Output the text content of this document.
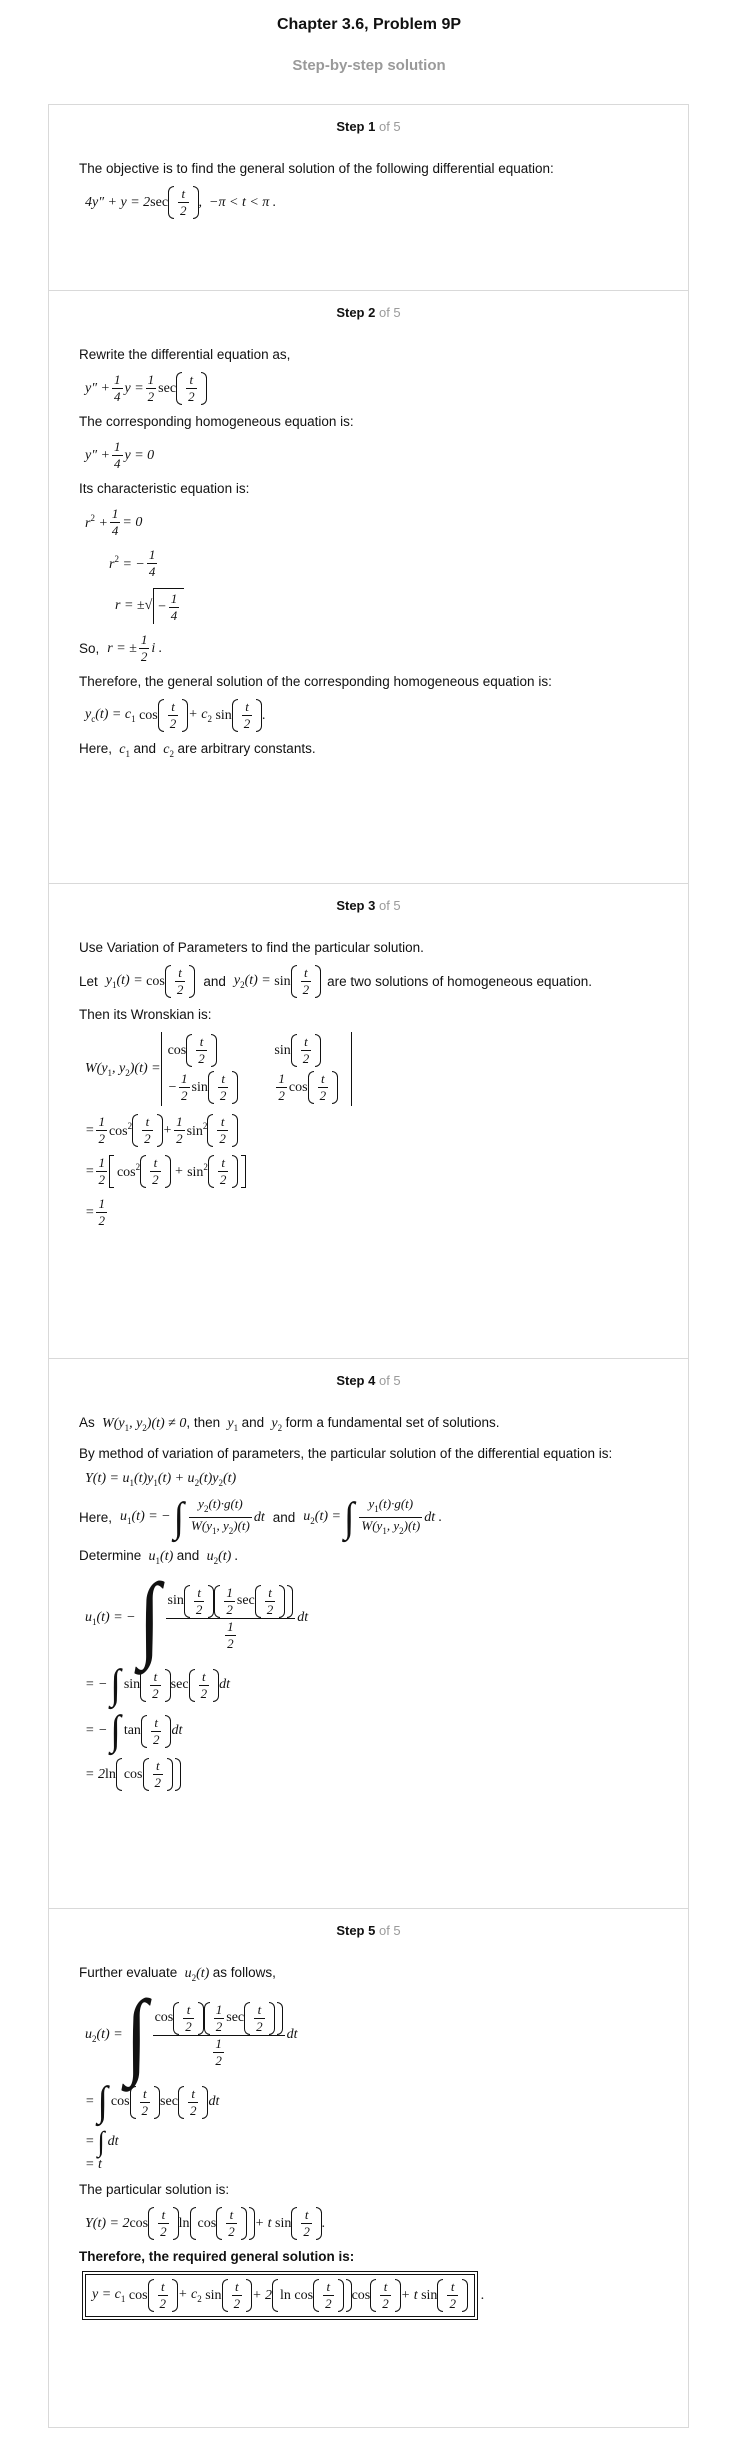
Chapter 3.6, Problem 9P
Step-by-step solution
Step 1 of 5

The objective is to find the general solution of the following differential equation:

4y″ + y = 2 $\sec \frac{t}{2}$ ,  −π < t < π .
Step 2 of 5

Rewrite the differential equation as,

$y'' + \frac{1}{4}$ $y = \frac{1}{2}$ $\sec \frac{t}{2}$

The corresponding homogeneous equation is:

$y'' + \frac{1}{4}$ y = 0

Its characteristic equation is:

$r^2 + \frac{1}{4} = 0$
$r^2$ = − $\frac{1}{4}$
r = ± √ − $\frac{1}{4}$
So, r = ± $\frac{1}{2}$ i .

Therefore, the general solution of the corresponding homogeneous equation is:

$y_c(t) = c_1$ $\cos \frac{t}{2} + c_2$ $\sin \frac{t}{2}$ .

Here,  $c_1$ and  $c_2$ are arbitrary constants.

Step 3 of 5

Use Variation of Parameters to find the particular solution.

Let $y_1(t) = \cos \frac{t}{2}$ and $y_2(t) = \sin \frac{t}{2}$ are two solutions of homogeneous equation.

Then its Wronskian is:

$W(y_1$, $y_2)(t)$ =
$\cos \frac{t}{2}$	$\sin \frac{t}{2}$
− $\frac{1}{2}$ $\sin \frac{t}{2}$	$\frac{1}{2}$ $\cos \frac{t}{2}$
= $\frac{1}{2} \cos^2 \frac{t}{2} + \frac{1}{2} \sin^2 \frac{t}{2}$
= $\frac{1}{2} \cos^2 \frac{t}{2} + \sin^2 \frac{t}{2}$
= $\frac{1}{2}$
Step 4 of 5

As  $W(y_1$, $y_2)(t) \ne 0$, then  $y_1$ and  $y_2$ form a fundamental set of solutions.

By method of variation of parameters, the particular solution of the differential equation is:

$Y(t) = u_1(t)y_1(t) + u_2(t)y_2(t)$
Here, $u_1(t)$ = − ∫ $\frac{y_2(t)\cdot g(t)}{W(y_1, y_2)(t)}$ dt and $u_2(t)$ = ∫ $\frac{y_1(t)\cdot g(t)}{W(y_1, y_2)(t)}$ dt .

Determine  $u_1(t)$ and  $u_2(t)$ .

$u_1(t)$ = − ∫ $\frac{\sin \frac{t}{2} \frac{1}{2} \sec \frac{t}{2}}{\frac{1}{2}}$ dt
= − ∫ $\sin \frac{t}{2}$ $\sec \frac{t}{2}$ dt
= − ∫ $\tan \frac{t}{2}$ dt
= 2 $\ln \cos \frac{t}{2}$
Step 5 of 5

Further evaluate  $u_2(t)$ as follows,

$u_2(t)$ = ∫ $\frac{\cos \frac{t}{2} \frac{1}{2} \sec \frac{t}{2}}{\frac{1}{2}}$ dt
= ∫ $\cos \frac{t}{2}$ $\sec \frac{t}{2}$ dt
= ∫ dt
= t

The particular solution is:

Y(t) = 2 $\cos \frac{t}{2}$ $\ln \cos \frac{t}{2} + t$ $\sin \frac{t}{2}$ .

Therefore, the required general solution is:

$y = c_1$ $\cos \frac{t}{2} + c_2$ $\sin \frac{t}{2} + 2$ $\ln \cos \frac{t}{2}$ $\cos \frac{t}{2} + t$ $\sin \frac{t}{2}$ .
